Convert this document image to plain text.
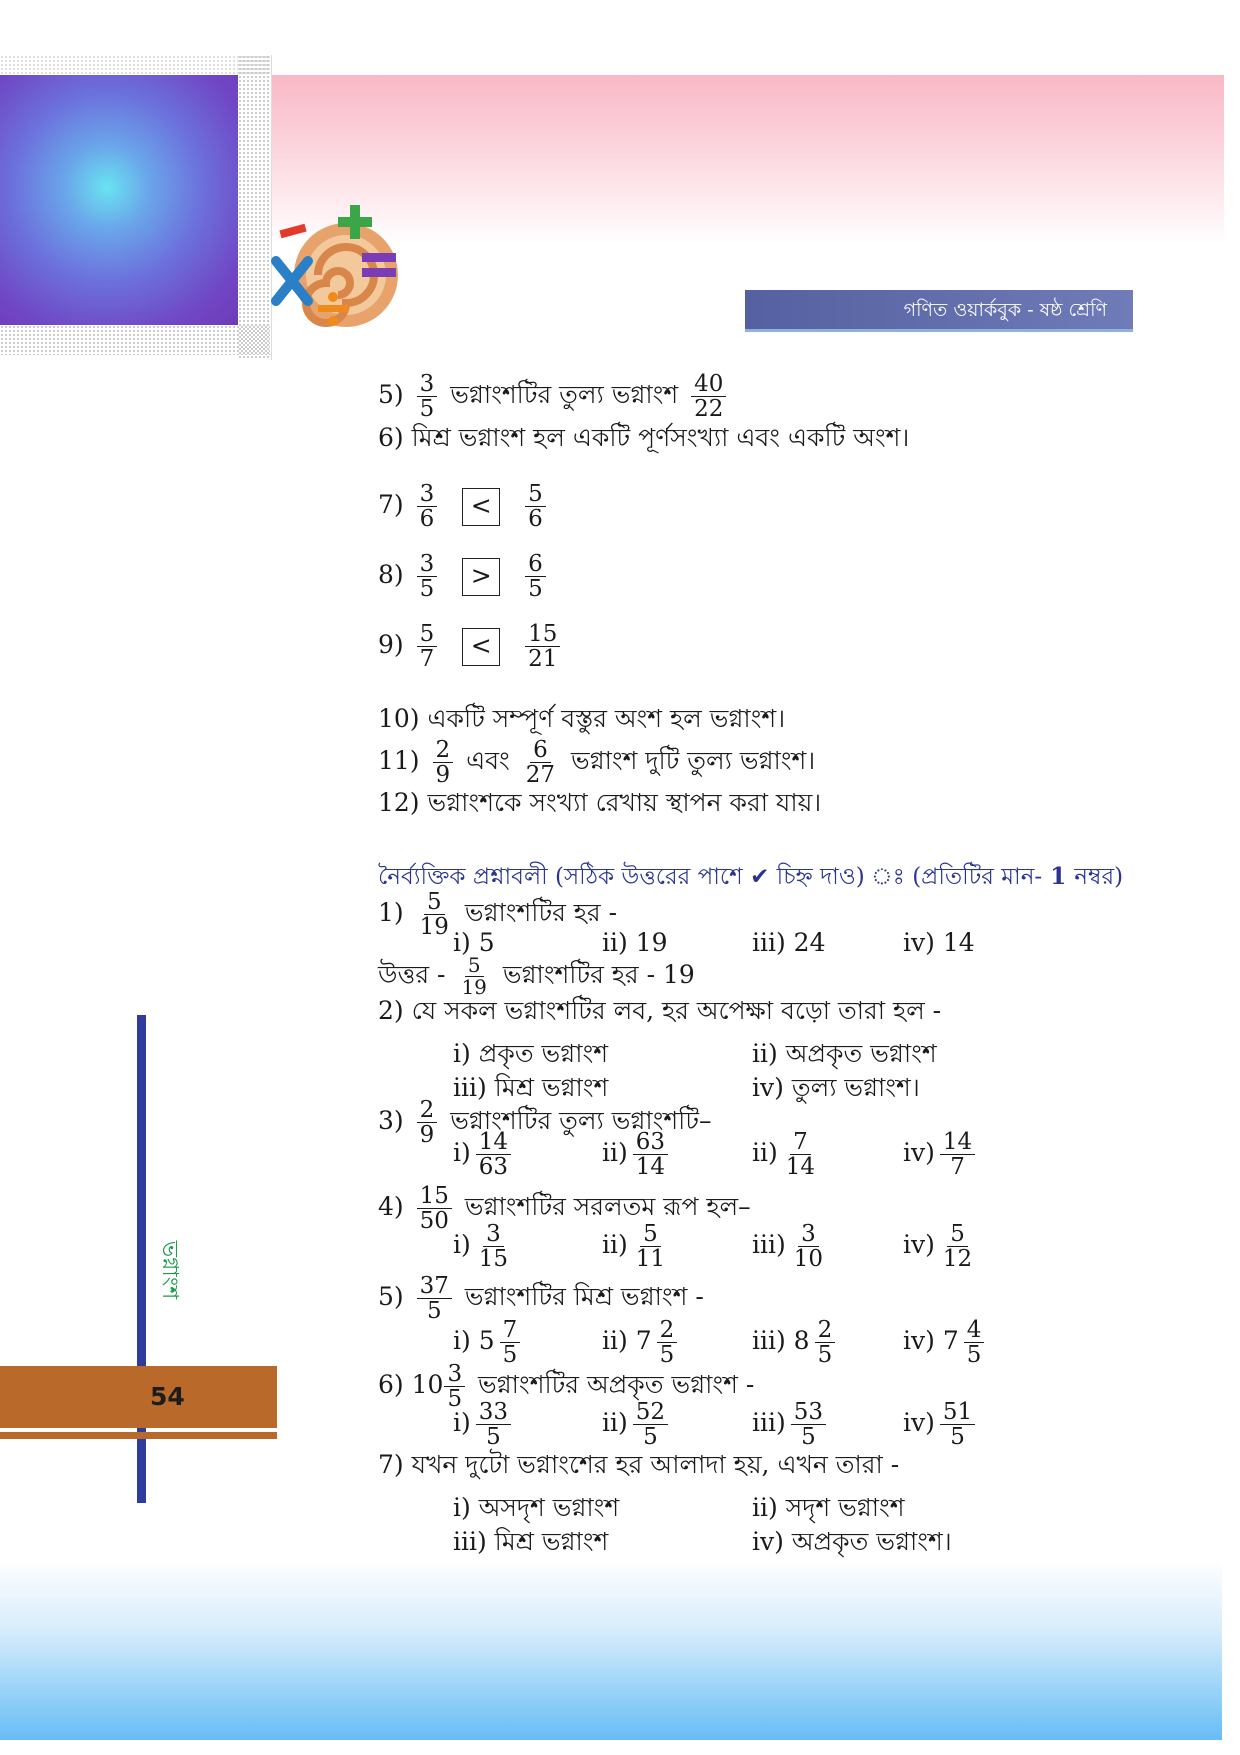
গণিত ওয়ার্কবুক - ষষ্ঠ শ্রেণি
ভগ্নাংশ
54
$5) \frac{3}{5}$ ভগ্নাংশটির তুল্য ভগ্নাংশ $\frac{40}{22}$
6) মিশ্র ভগ্নাংশ হল একটি পূর্ণসংখ্যা এবং একটি অংশ।
$7) \frac{3}{6} < \frac{5}{6}$
$8) \frac{3}{5} > \frac{6}{5}$
$9) \frac{5}{7} < \frac{15}{21}$
10) একটি সম্পূর্ণ বস্তুর অংশ হল ভগ্নাংশ।
$11) \frac{2}{9}$ এবং $\frac{6}{27}$ ভগ্নাংশ দুটি তুল্য ভগ্নাংশ।
12) ভগ্নাংশকে সংখ্যা রেখায় স্থাপন করা যায়।
নৈর্ব্যক্তিক প্রশ্নাবলী (সঠিক উত্তরের পাশে ✔ চিহ্ন দাও) ঃ (প্রতিটির মান- 1 নম্বর)
$1) \frac{5}{19}$ ভগ্নাংশটির হর -
i) 5	ii) 19	iii) 24	iv) 14
উত্তর - $\frac{5}{19}$ ভগ্নাংশটির হর - 19
2) যে সকল ভগ্নাংশটির লব, হর অপেক্ষা বড়ো তারা হল -
i) প্রকৃত ভগ্নাংশ	ii) অপ্রকৃত ভগ্নাংশ
iii) মিশ্র ভগ্নাংশ	iv) তুল্য ভগ্নাংশ।
$3) \frac{2}{9}$ ভগ্নাংশটির তুল্য ভগ্নাংশটি–
$i) \frac{14}{63}$	$ii) \frac{63}{14}$	$ii) \frac{7}{14}$	$iv) \frac{14}{7}$
$4) \frac{15}{50}$ ভগ্নাংশটির সরলতম রূপ হল–
$i) \frac{3}{15}$	$ii) \frac{5}{11}$	$iii) \frac{3}{10}$	$iv) \frac{5}{12}$
$5) \frac{37}{5}$ ভগ্নাংশটির মিশ্র ভগ্নাংশ -
i) $5 \frac{7}{5}$	ii) $7 \frac{2}{5}$	iii) $8 \frac{2}{5}$	iv) $7 \frac{4}{5}$
6) $10 \frac{3}{5}$ ভগ্নাংশটির অপ্রকৃত ভগ্নাংশ -
$i) \frac{33}{5}$	$ii) \frac{52}{5}$	$iii) \frac{53}{5}$	$iv) \frac{51}{5}$
7) যখন দুটো ভগ্নাংশের হর আলাদা হয়, এখন তারা -
i) অসদৃশ ভগ্নাংশ	ii) সদৃশ ভগ্নাংশ
iii) মিশ্র ভগ্নাংশ	iv) অপ্রকৃত ভগ্নাংশ।
